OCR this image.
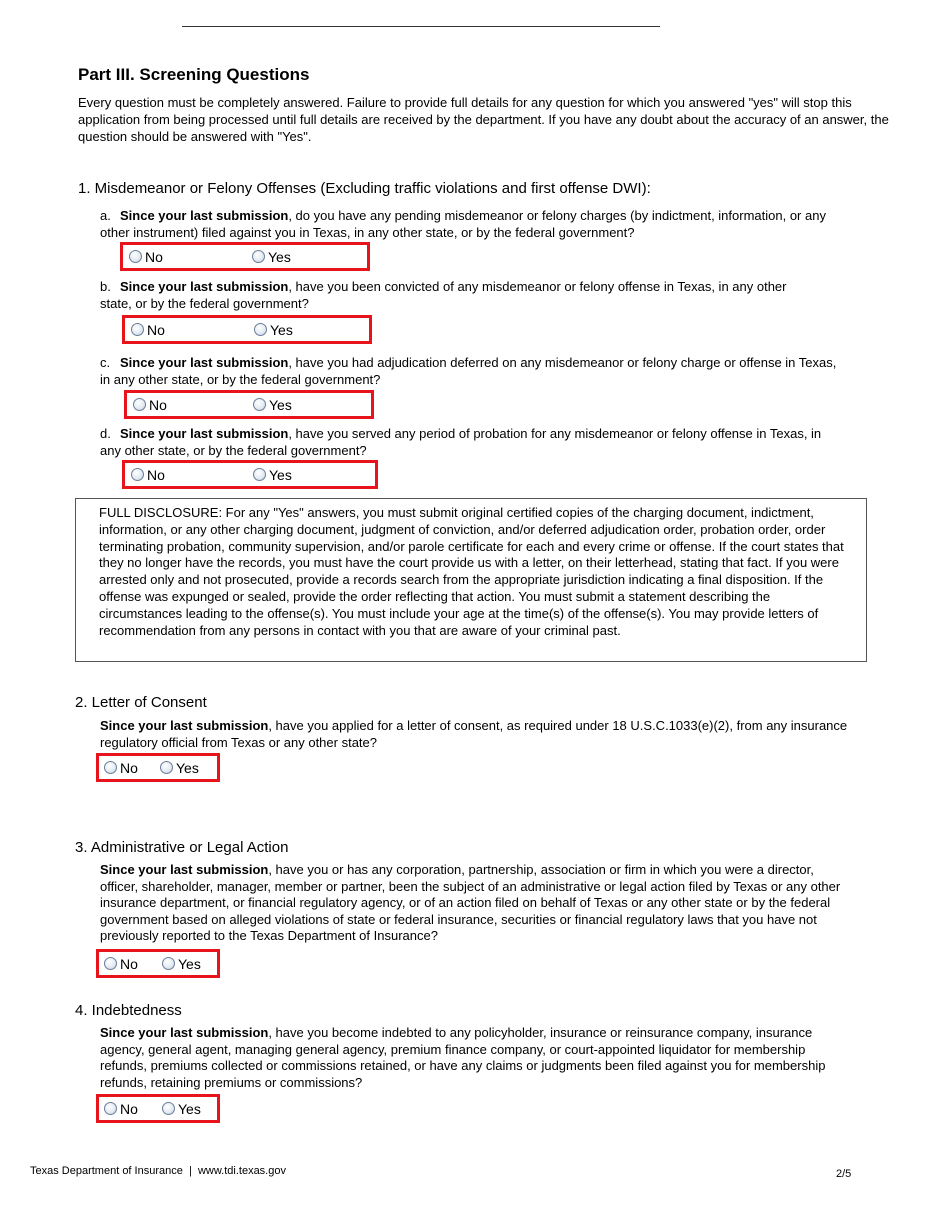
Part III. Screening Questions
Every question must be completely answered. Failure to provide full details for any question for which you answered "yes" will stop this application from being processed until full details are received by the department. If you have any doubt about the accuracy of an answer, the question should be answered with "Yes".
1. Misdemeanor or Felony Offenses (Excluding traffic violations and first offense DWI):
a. Since your last submission, do you have any pending misdemeanor or felony charges (by indictment, information, or any other instrument) filed against you in Texas, in any other state, or by the federal government?
No	Yes
b. Since your last submission, have you been convicted of any misdemeanor or felony offense in Texas, in any other state, or by the federal government?
No	Yes
c. Since your last submission, have you had adjudication deferred on any misdemeanor or felony charge or offense in Texas, in any other state, or by the federal government?
No	Yes
d. Since your last submission, have you served any period of probation for any misdemeanor or felony offense in Texas, in any other state, or by the federal government?
No	Yes
FULL DISCLOSURE: For any "Yes" answers, you must submit original certified copies of the charging document, indictment, information, or any other charging document, judgment of conviction, and/or deferred adjudication order, probation order, order terminating probation, community supervision, and/or parole certificate for each and every crime or offense. If the court states that they no longer have the records, you must have the court provide us with a letter, on their letterhead, stating that fact. If you were arrested only and not prosecuted, provide a records search from the appropriate jurisdiction indicating a final disposition. If the offense was expunged or sealed, provide the order reflecting that action. You must submit a statement describing the circumstances leading to the offense(s). You must include your age at the time(s) of the offense(s). You may provide letters of recommendation from any persons in contact with you that are aware of your criminal past.
2. Letter of Consent
Since your last submission, have you applied for a letter of consent, as required under 18 U.S.C.1033(e)(2), from any insurance regulatory official from Texas or any other state?
No	Yes
3. Administrative or Legal Action
Since your last submission, have you or has any corporation, partnership, association or firm in which you were a director, officer, shareholder, manager, member or partner, been the subject of an administrative or legal action filed by Texas or any other insurance department, or financial regulatory agency, or of an action filed on behalf of Texas or any other state or by the federal government based on alleged violations of state or federal insurance, securities or financial regulatory laws that you have not previously reported to the Texas Department of Insurance?
No	Yes
4. Indebtedness
Since your last submission, have you become indebted to any policyholder, insurance or reinsurance company, insurance agency, general agent, managing general agency, premium finance company, or court-appointed liquidator for membership refunds, premiums collected or commissions retained, or have any claims or judgments been filed against you for membership refunds, retaining premiums or commissions?
No	Yes
Texas Department of Insurance  |  www.tdi.texas.gov	2/5
